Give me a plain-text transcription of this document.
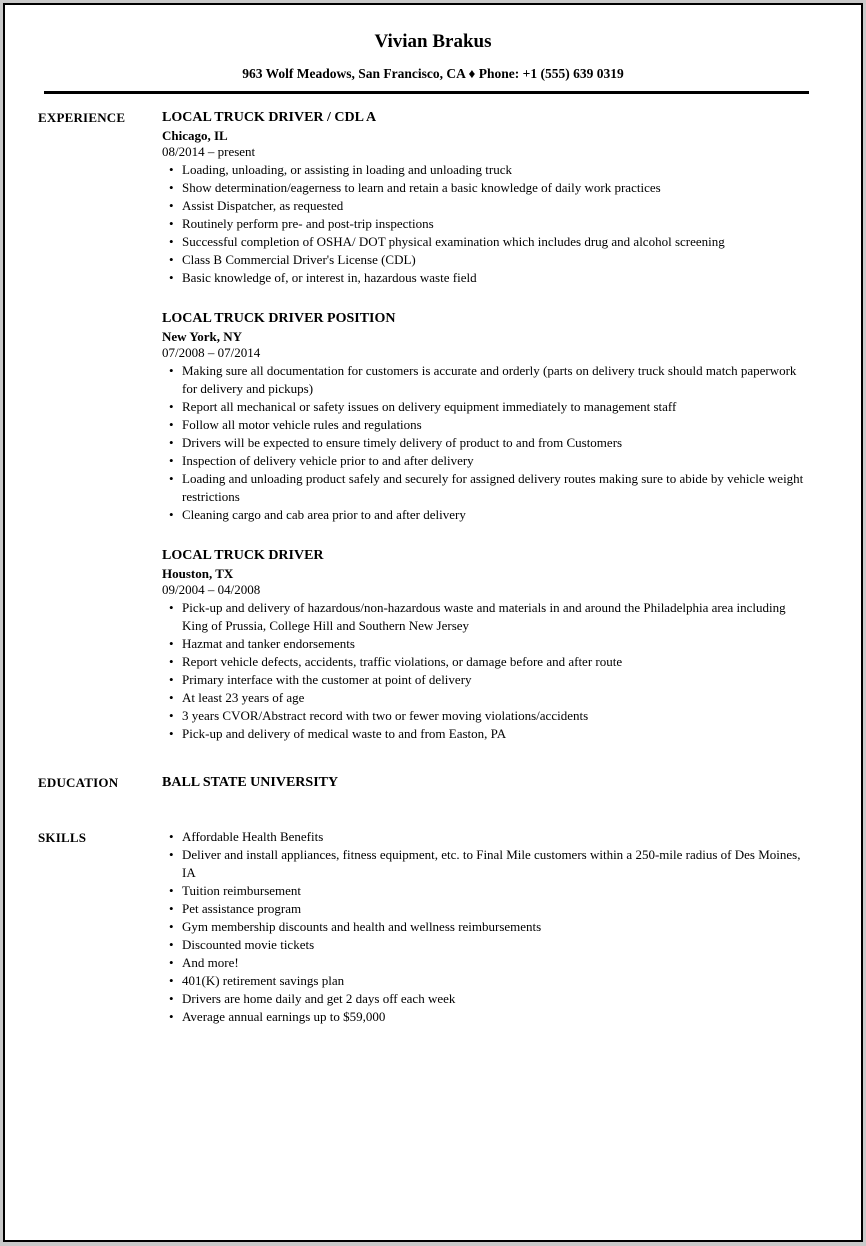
Vivian Brakus
963 Wolf Meadows, San Francisco, CA ♦ Phone: +1 (555) 639 0319
EXPERIENCE	LOCAL TRUCK DRIVER / CDL A
Chicago, IL
08/2014 – present
• Loading, unloading, or assisting in loading and unloading truck
• Show determination/eagerness to learn and retain a basic knowledge of daily work practices
• Assist Dispatcher, as requested
• Routinely perform pre- and post-trip inspections
• Successful completion of OSHA/ DOT physical examination which includes drug and alcohol screening
• Class B Commercial Driver's License (CDL)
• Basic knowledge of, or interest in, hazardous waste field
LOCAL TRUCK DRIVER POSITION
New York, NY
07/2008 – 07/2014
• Making sure all documentation for customers is accurate and orderly (parts on delivery truck should match paperwork for delivery and pickups)
• Report all mechanical or safety issues on delivery equipment immediately to management staff
• Follow all motor vehicle rules and regulations
• Drivers will be expected to ensure timely delivery of product to and from Customers
• Inspection of delivery vehicle prior to and after delivery
• Loading and unloading product safely and securely for assigned delivery routes making sure to abide by vehicle weight restrictions
• Cleaning cargo and cab area prior to and after delivery
LOCAL TRUCK DRIVER
Houston, TX
09/2004 – 04/2008
• Pick-up and delivery of hazardous/non-hazardous waste and materials in and around the Philadelphia area including King of Prussia, College Hill and Southern New Jersey
• Hazmat and tanker endorsements
• Report vehicle defects, accidents, traffic violations, or damage before and after route
• Primary interface with the customer at point of delivery
• At least 23 years of age
• 3 years CVOR/Abstract record with two or fewer moving violations/accidents
• Pick-up and delivery of medical waste to and from Easton, PA
EDUCATION	BALL STATE UNIVERSITY
SKILLS	• Affordable Health Benefits
• Deliver and install appliances, fitness equipment, etc. to Final Mile customers within a 250-mile radius of Des Moines, IA
• Tuition reimbursement
• Pet assistance program
• Gym membership discounts and health and wellness reimbursements
• Discounted movie tickets
• And more!
• 401(K) retirement savings plan
• Drivers are home daily and get 2 days off each week
• Average annual earnings up to $59,000
